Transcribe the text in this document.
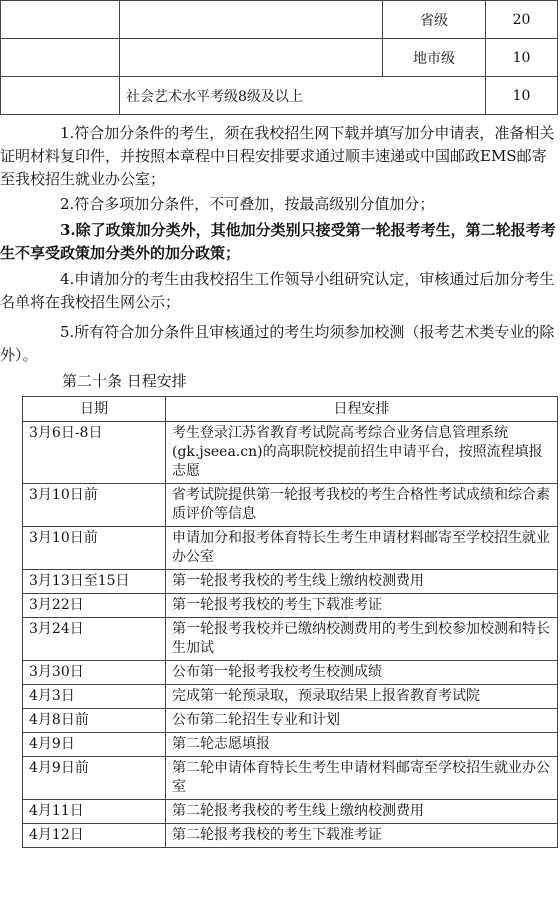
		省级	20
		地市级	10
	社会艺术水平考级8级及以上		10
1.符合加分条件的考生，须在我校招生网下载并填写加分申请表，准备相关证明材料复印件，并按照本章程中日程安排要求通过顺丰速递或中国邮政EMS邮寄至我校招生就业办公室；
2.符合多项加分条件，不可叠加，按最高级别分值加分；
3.除了政策加分类外，其他加分类别只接受第一轮报考考生，第二轮报考考生不享受政策加分类外的加分政策；
4.申请加分的考生由我校招生工作领导小组研究认定，审核通过后加分考生名单将在我校招生网公示；
5.所有符合加分条件且审核通过的考生均须参加校测（报考艺术类专业的除外）。
第二十条 日程安排
日期	日程安排
3月6日-8日	考生登录江苏省教育考试院高考综合业务信息管理系统(gk.jseea.cn)的高职院校提前招生申请平台，按照流程填报志愿
3月10日前	省考试院提供第一轮报考我校的考生合格性考试成绩和综合素质评价等信息
3月10日前	申请加分和报考体育特长生考生申请材料邮寄至学校招生就业办公室
3月13日至15日	第一轮报考我校的考生线上缴纳校测费用
3月22日	第一轮报考我校的考生下载准考证
3月24日	第一轮报考我校并已缴纳校测费用的考生到校参加校测和特长生加试
3月30日	公布第一轮报考我校考生校测成绩
4月3日	完成第一轮预录取，预录取结果上报省教育考试院
4月8日前	公布第二轮招生专业和计划
4月9日	第二轮志愿填报
4月9日前	第二轮申请体育特长生考生申请材料邮寄至学校招生就业办公室
4月11日	第二轮报考我校的考生线上缴纳校测费用
4月12日	第二轮报考我校的考生下载准考证
